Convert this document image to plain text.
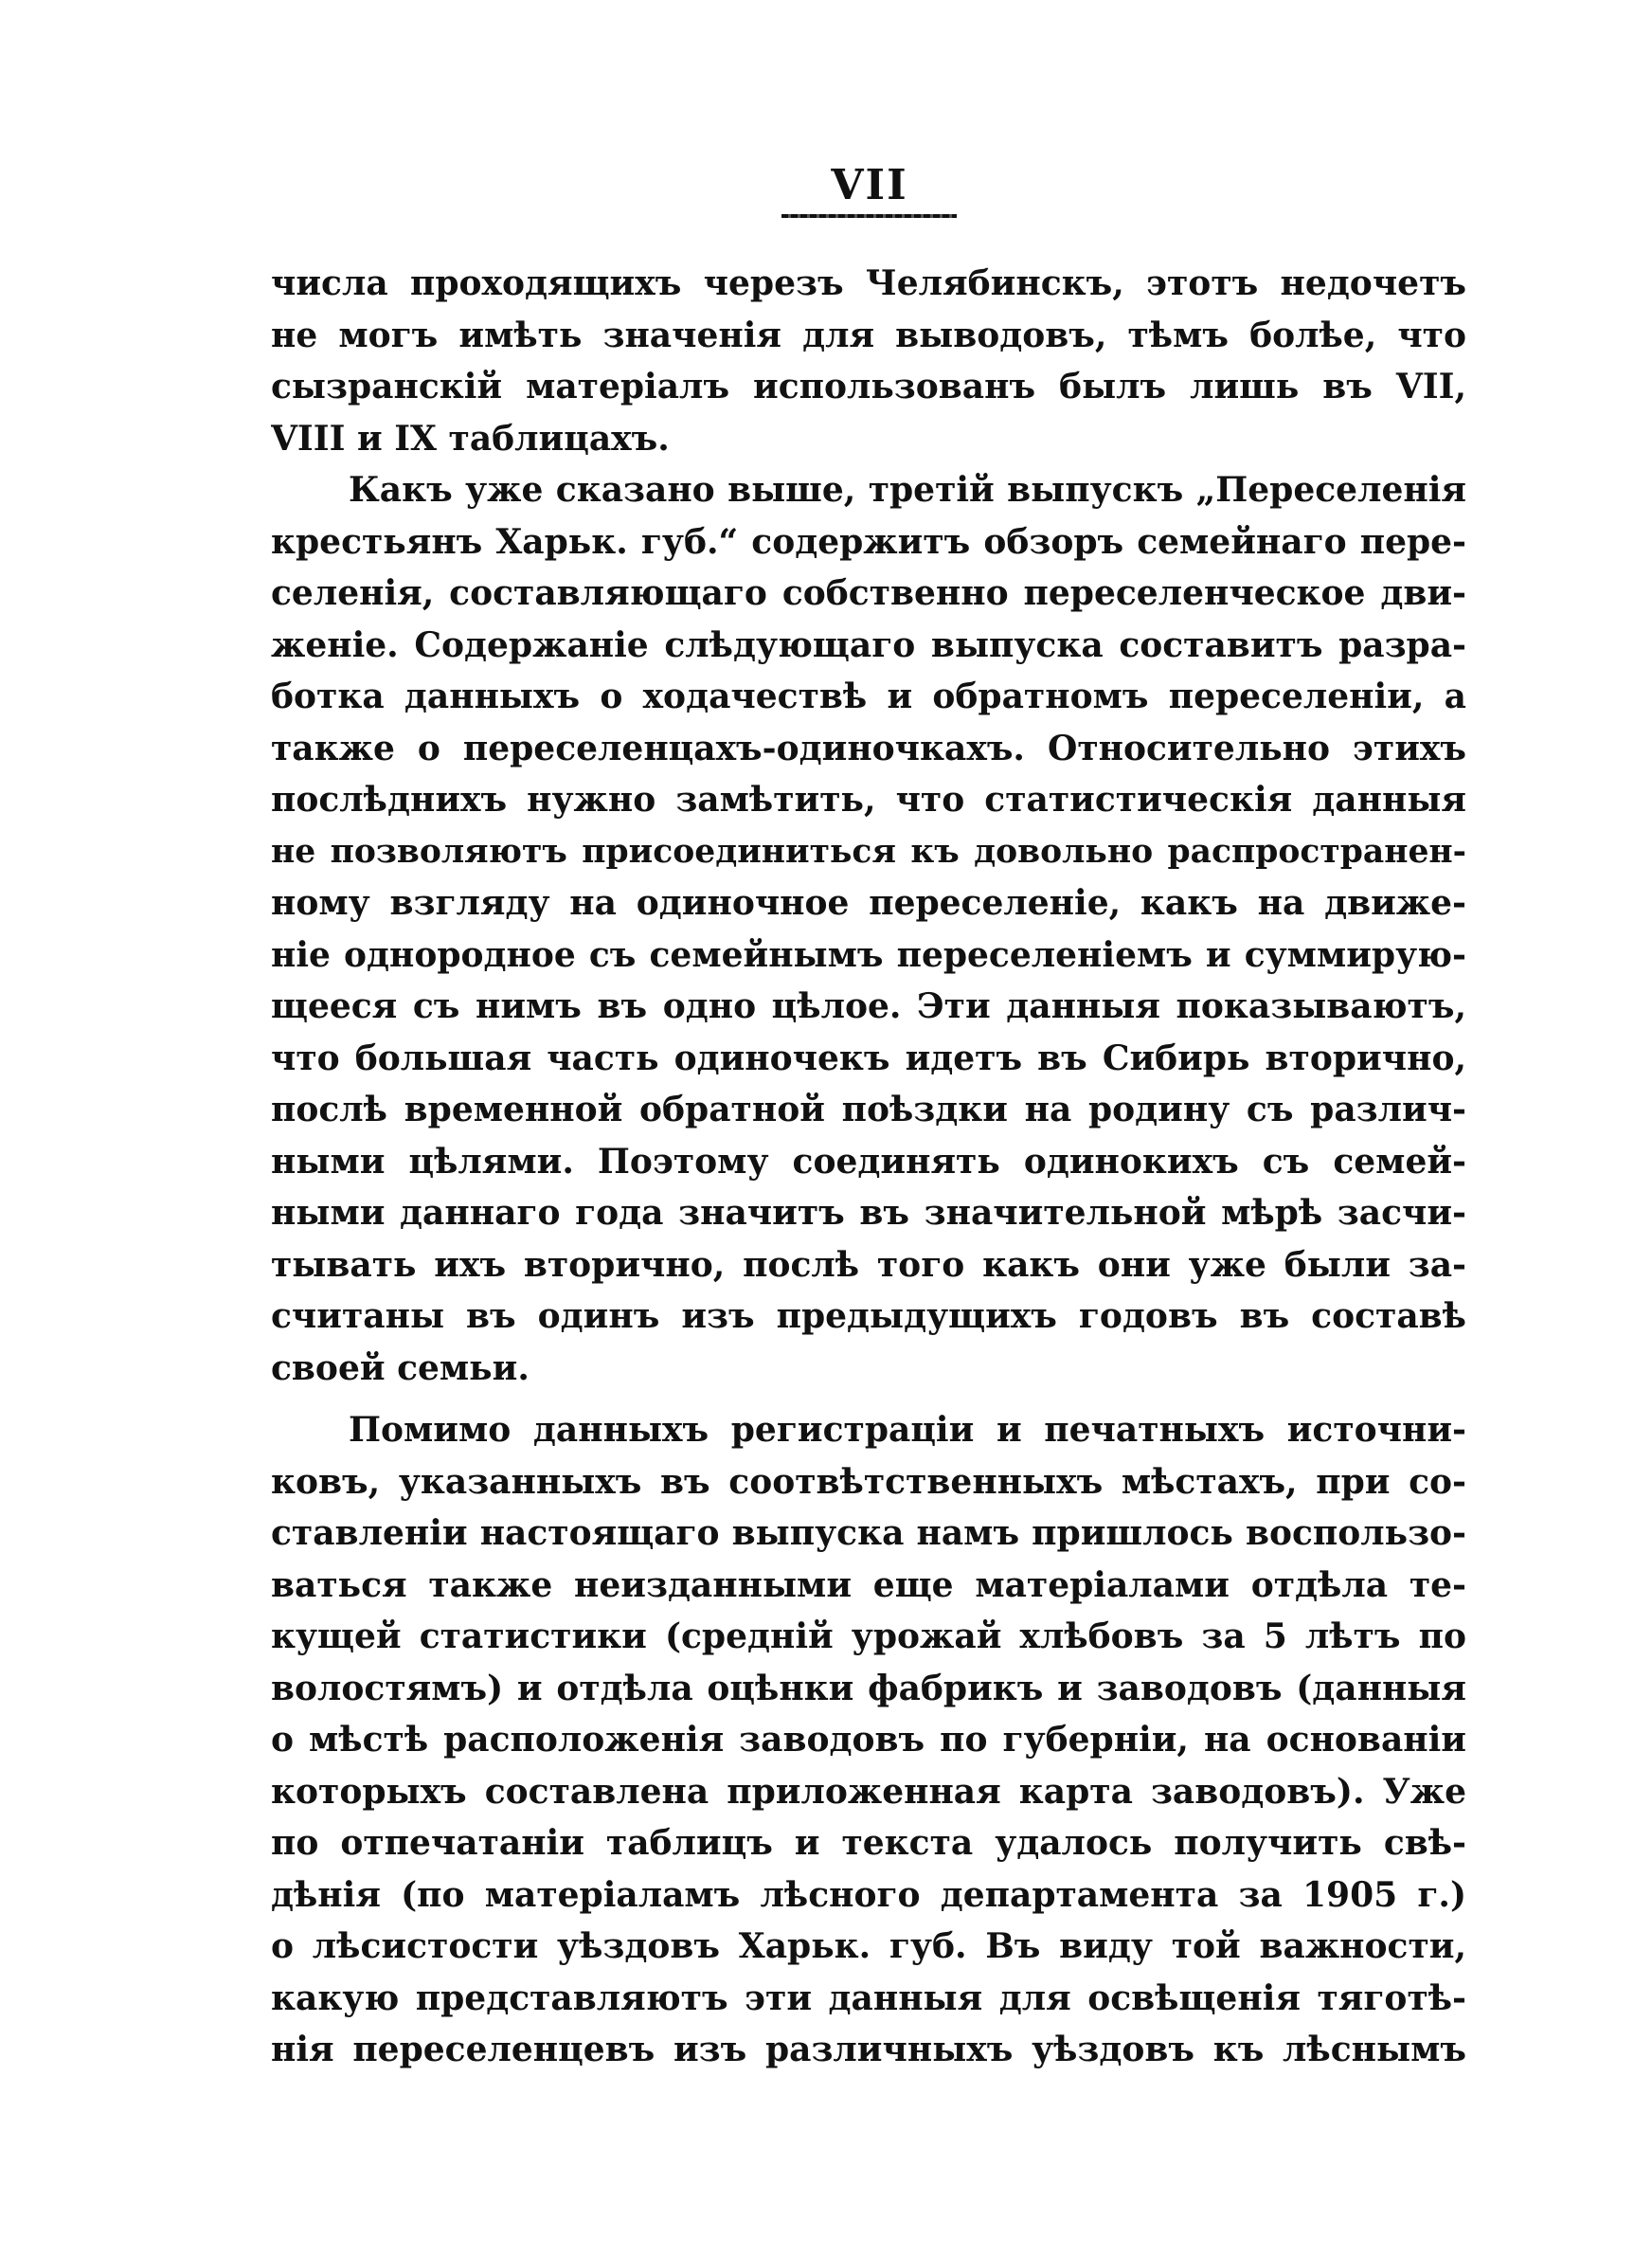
VII
числа проходящихъ черезъ Челябинскъ, этотъ недочетъ
не могъ имѣть значенія для выводовъ, тѣмъ болѣе, что
сызранскій матеріалъ использованъ былъ лишь въ VII,
VIII и IX таблицахъ.
Какъ уже сказано выше, третій выпускъ „Переселенія
крестьянъ Харьк. губ.“ содержитъ обзоръ семейнаго пере-
селенія, составляющаго собственно переселенческое дви-
женіе. Содержаніе слѣдующаго выпуска составитъ разра-
ботка данныхъ о ходачествѣ и обратномъ переселеніи, а
также о переселенцахъ-одиночкахъ. Относительно этихъ
послѣднихъ нужно замѣтить, что статистическія данныя
не позволяютъ присоединиться къ довольно распространен-
ному взгляду на одиночное переселеніе, какъ на движе-
ніе однородное съ семейнымъ переселеніемъ и суммирую-
щееся съ нимъ въ одно цѣлое. Эти данныя показываютъ,
что большая часть одиночекъ идетъ въ Сибирь вторично,
послѣ временной обратной поѣздки на родину съ различ-
ными цѣлями. Поэтому соединять одинокихъ съ семей-
ными даннаго года значитъ въ значительной мѣрѣ засчи-
тывать ихъ вторично, послѣ того какъ они уже были за-
считаны въ одинъ изъ предыдущихъ годовъ въ составѣ
своей семьи.
Помимо данныхъ регистраціи и печатныхъ источни-
ковъ, указанныхъ въ соотвѣтственныхъ мѣстахъ, при со-
ставленіи настоящаго выпуска намъ пришлось воспользо-
ваться также неизданными еще матеріалами отдѣла те-
кущей статистики (средній урожай хлѣбовъ за 5 лѣтъ по
волостямъ) и отдѣла оцѣнки фабрикъ и заводовъ (данныя
о мѣстѣ расположенія заводовъ по губерніи, на основаніи
которыхъ составлена приложенная карта заводовъ). Уже
по отпечатаніи таблицъ и текста удалось получить свѣ-
дѣнія (по матеріаламъ лѣсного департамента за 1905 г.)
о лѣсистости уѣздовъ Харьк. губ. Въ виду той важности,
какую представляютъ эти данныя для освѣщенія тяготѣ-
нія переселенцевъ изъ различныхъ уѣздовъ къ лѣснымъ
